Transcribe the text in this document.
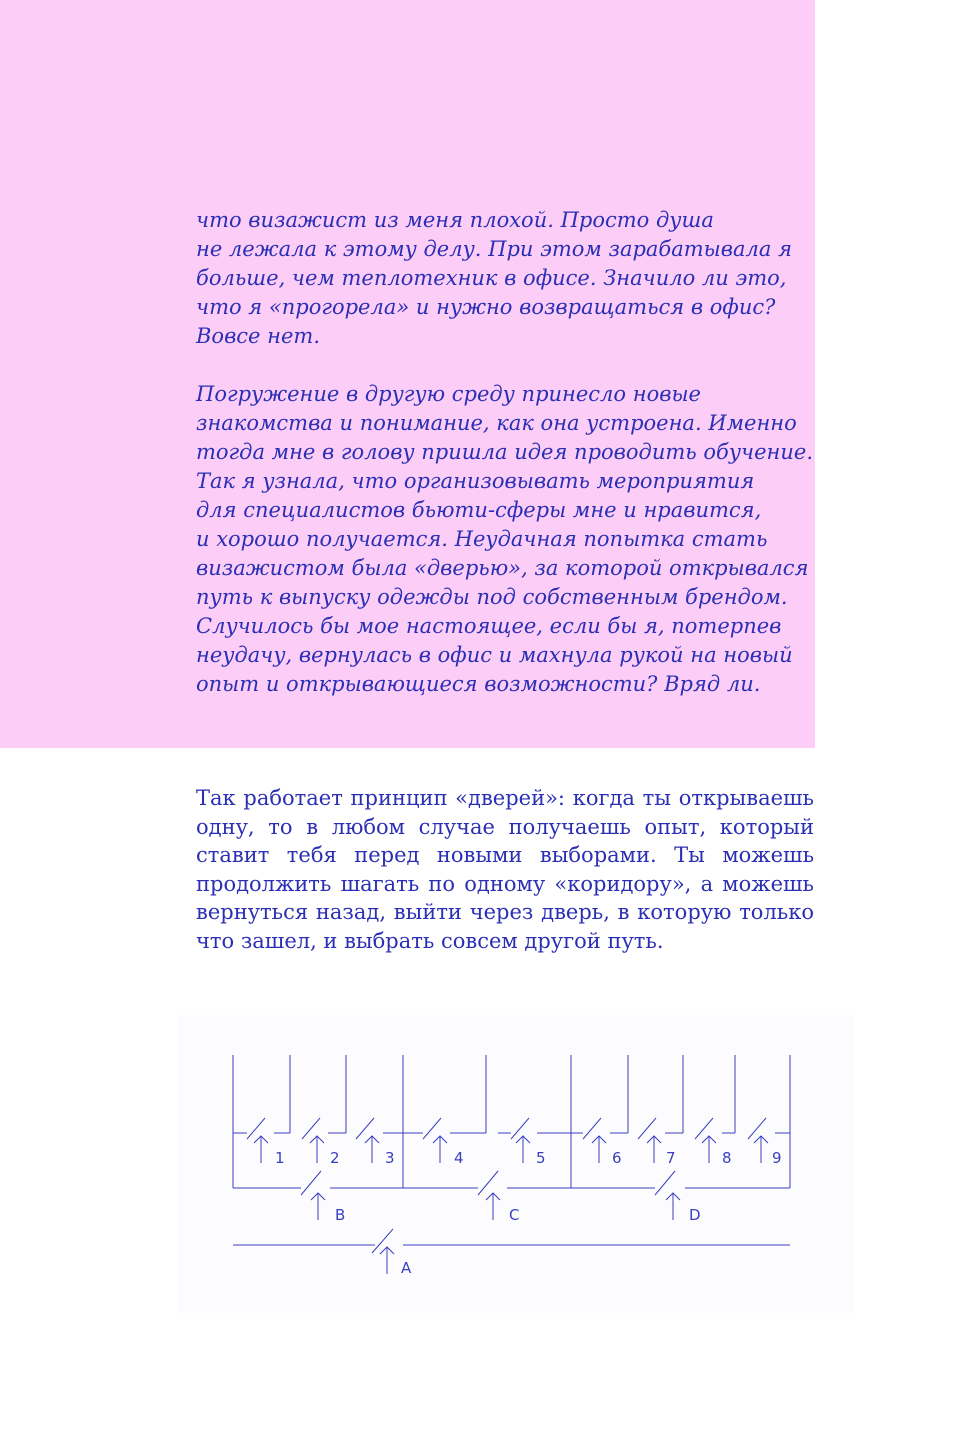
что визажист из меня плохой. Просто душа
не лежала к этому делу. При этом зарабатывала я
больше, чем теплотехник в офисе. Значило ли это,
что я «прогорела» и нужно возвращаться в офис?
Вовсе нет.

Погружение в другую среду принесло новые
знакомства и понимание, как она устроена. Именно
тогда мне в голову пришла идея проводить обучение.
Так я узнала, что организовывать мероприятия
для специалистов бьюти-сферы мне и нравится,
и хорошо получается. Неудачная попытка стать
визажистом была «дверью», за которой открывался
путь к выпуску одежды под собственным брендом.
Случилось бы мое настоящее, если бы я, потерпев
неудачу, вернулась в офис и махнула рукой на новый
опыт и открывающиеся возможности? Вряд ли.

Так работает принцип «дверей»: когда ты открываешь одну, то в любом случае получаешь опыт, который ставит тебя перед новыми выборами. Ты можешь продолжить шагать по одному «коридору», а можешь вернуться назад, выйти через дверь, в которую только что зашел, и выбрать совсем другой путь.

1	2	3	4	5	6	7	8	9
B	C	D
A
